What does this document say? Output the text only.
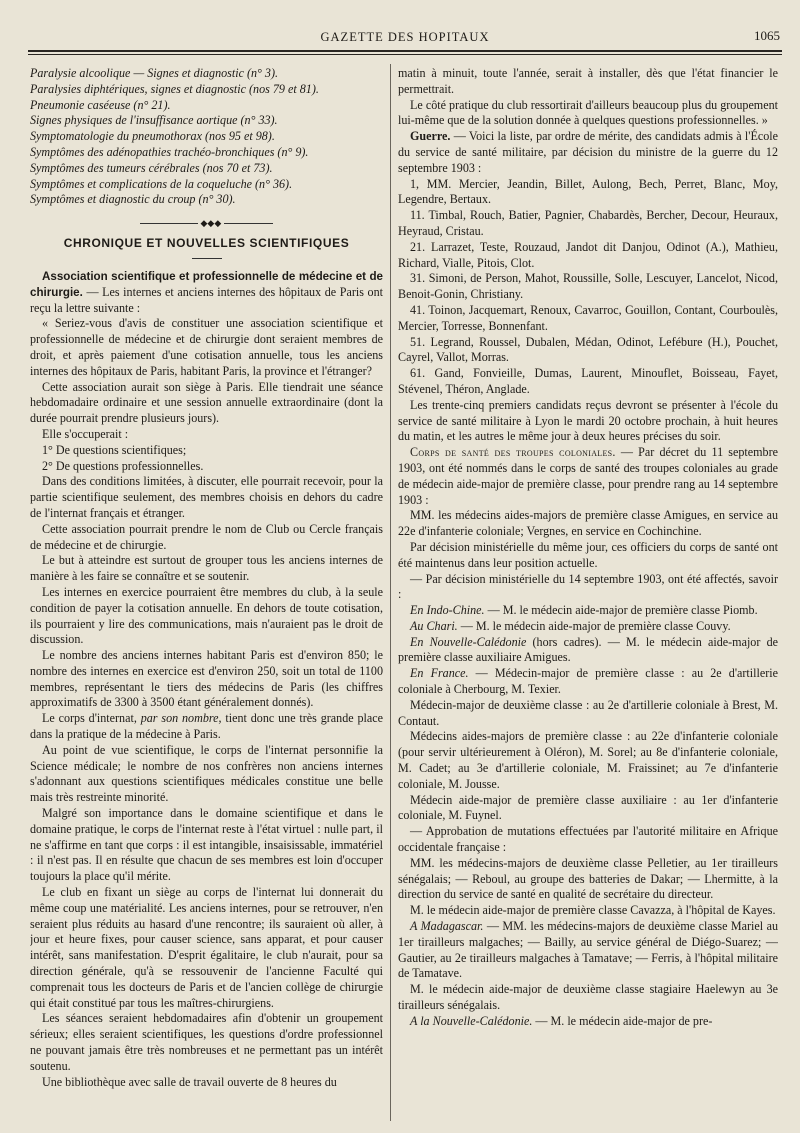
GAZETTE DES HOPITAUX	1065

Paralysie alcoolique — Signes et diagnostic (n° 3).

Paralysies diphtériques, signes et diagnostic (nos 79 et 81).

Pneumonie caséeuse (n° 21).

Signes physiques de l'insuffisance aortique (n° 33).

Symptomatologie du pneumothorax (nos 95 et 98).

Symptômes des adénopathies trachéo-bronchiques (n° 9).

Symptômes des tumeurs cérébrales (nos 70 et 73).

Symptômes et complications de la coqueluche (n° 36).

Symptômes et diagnostic du croup (n° 30).

◆◆◆
CHRONIQUE ET NOUVELLES SCIENTIFIQUES

Association scientifique et professionnelle de médecine et de chirurgie. — Les internes et anciens internes des hôpitaux de Paris ont reçu la lettre suivante :

« Seriez-vous d'avis de constituer une association scientifique et professionnelle de médecine et de chirurgie dont seraient membres de droit, et après paiement d'une cotisation annuelle, tous les anciens internes des hôpitaux de Paris, habitant Paris, la province et l'étranger?

Cette association aurait son siège à Paris. Elle tiendrait une séance hebdomadaire ordinaire et une session annuelle extraordinaire (dont la durée pourrait prendre plusieurs jours).

Elle s'occuperait :

1° De questions scientifiques;

2° De questions professionnelles.

Dans des conditions limitées, à discuter, elle pourrait recevoir, pour la partie scientifique seulement, des membres choisis en dehors du cadre de l'internat français et étranger.

Cette association pourrait prendre le nom de Club ou Cercle français de médecine et de chirurgie.

Le but à atteindre est surtout de grouper tous les anciens internes de manière à les faire se connaître et se soutenir.

Les internes en exercice pourraient être membres du club, à la seule condition de payer la cotisation annuelle. En dehors de toute cotisation, ils pourraient y lire des communications, mais n'auraient pas le droit de discussion.

Le nombre des anciens internes habitant Paris est d'environ 850; le nombre des internes en exercice est d'environ 250, soit un total de 1100 membres, représentant le tiers des médecins de Paris (les chiffres approximatifs de 3300 à 3500 étant généralement donnés).

Le corps d'internat, par son nombre, tient donc une très grande place dans la pratique de la médecine à Paris.

Au point de vue scientifique, le corps de l'internat personnifie la Science médicale; le nombre de nos confrères non anciens internes s'adonnant aux questions scientifiques médicales constitue une belle mais très restreinte minorité.

Malgré son importance dans le domaine scientifique et dans le domaine pratique, le corps de l'internat reste à l'état virtuel : nulle part, il ne s'affirme en tant que corps : il est intangible, insaisissable, immatériel : il n'est pas. Il en résulte que chacun de ses membres est loin d'occuper toujours la place qu'il mérite.

Le club en fixant un siège au corps de l'internat lui donnerait du même coup une matérialité. Les anciens internes, pour se retrouver, n'en seraient plus réduits au hasard d'une rencontre; ils sauraient où aller, à jour et heure fixes, pour causer science, sans apparat, et pour causer intérêt, sans manifestation. D'esprit égalitaire, le club n'aurait, pour sa direction générale, qu'à se ressouvenir de l'ancienne Faculté qui comprenait tous les docteurs de Paris et de l'ancien collège de chirurgie qui était constitué par tous les maîtres-chirurgiens.

Les séances seraient hebdomadaires afin d'obtenir un groupement sérieux; elles seraient scientifiques, les questions d'ordre professionnel ne pouvant jamais être très nombreuses et ne permettant pas un intérêt soutenu.

Une bibliothèque avec salle de travail ouverte de 8 heures du

matin à minuit, toute l'année, serait à installer, dès que l'état financier le permettrait.

Le côté pratique du club ressortirait d'ailleurs beaucoup plus du groupement lui-même que de la solution donnée à quelques questions professionnelles. »

Guerre. — Voici la liste, par ordre de mérite, des candidats admis à l'École du service de santé militaire, par décision du ministre de la guerre du 12 septembre 1903 :

1, MM. Mercier, Jeandin, Billet, Aulong, Bech, Perret, Blanc, Moy, Legendre, Bertaux.

11. Timbal, Rouch, Batier, Pagnier, Chabardès, Bercher, Decour, Heuraux, Heyraud, Cristau.

21. Larrazet, Teste, Rouzaud, Jandot dit Danjou, Odinot (A.), Mathieu, Richard, Vialle, Pitois, Clot.

31. Simoni, de Person, Mahot, Roussille, Solle, Lescuyer, Lancelot, Nicod, Benoit-Gonin, Christiany.

41. Toinon, Jacquemart, Renoux, Cavarroc, Gouillon, Contant, Courboulès, Mercier, Torresse, Bonnenfant.

51. Legrand, Roussel, Dubalen, Médan, Odinot, Lefébure (H.), Pouchet, Cayrel, Vallot, Morras.

61. Gand, Fonvieille, Dumas, Laurent, Minouflet, Boisseau, Fayet, Stévenel, Théron, Anglade.

Les trente-cinq premiers candidats reçus devront se présenter à l'école du service de santé militaire à Lyon le mardi 20 octobre prochain, à huit heures du matin, et les autres le même jour à deux heures précises du soir.

Corps de santé des troupes coloniales. — Par décret du 11 septembre 1903, ont été nommés dans le corps de santé des troupes coloniales au grade de médecin aide-major de première classe, pour prendre rang au 14 septembre 1903 :

MM. les médecins aides-majors de première classe Amigues, en service au 22e d'infanterie coloniale; Vergnes, en service en Cochinchine.

Par décision ministérielle du même jour, ces officiers du corps de santé ont été maintenus dans leur position actuelle.

— Par décision ministérielle du 14 septembre 1903, ont été affectés, savoir :

En Indo-Chine. — M. le médecin aide-major de première classe Piomb.

Au Chari. — M. le médecin aide-major de première classe Couvy.

En Nouvelle-Calédonie (hors cadres). — M. le médecin aide-major de première classe auxiliaire Amigues.

En France. — Médecin-major de première classe : au 2e d'artillerie coloniale à Cherbourg, M. Texier.

Médecin-major de deuxième classe : au 2e d'artillerie coloniale à Brest, M. Contaut.

Médecins aides-majors de première classe : au 22e d'infanterie coloniale (pour servir ultérieurement à Oléron), M. Sorel; au 8e d'infanterie coloniale, M. Cadet; au 3e d'artillerie coloniale, M. Fraissinet; au 7e d'infanterie coloniale, M. Jousse.

Médecin aide-major de première classe auxiliaire : au 1er d'infanterie coloniale, M. Fuynel.

— Approbation de mutations effectuées par l'autorité militaire en Afrique occidentale française :

MM. les médecins-majors de deuxième classe Pelletier, au 1er tirailleurs sénégalais; — Reboul, au groupe des batteries de Dakar; — Lhermitte, à la direction du service de santé en qualité de secrétaire du directeur.

M. le médecin aide-major de première classe Cavazza, à l'hôpital de Kayes.

A Madagascar. — MM. les médecins-majors de deuxième classe Mariel au 1er tirailleurs malgaches; — Bailly, au service général de Diégo-Suarez; — Gautier, au 2e tirailleurs malgaches à Tamatave; — Ferris, à l'hôpital militaire de Tamatave.

M. le médecin aide-major de deuxième classe stagiaire Haelewyn au 3e tirailleurs sénégalais.

A la Nouvelle-Calédonie. — M. le médecin aide-major de pre-
